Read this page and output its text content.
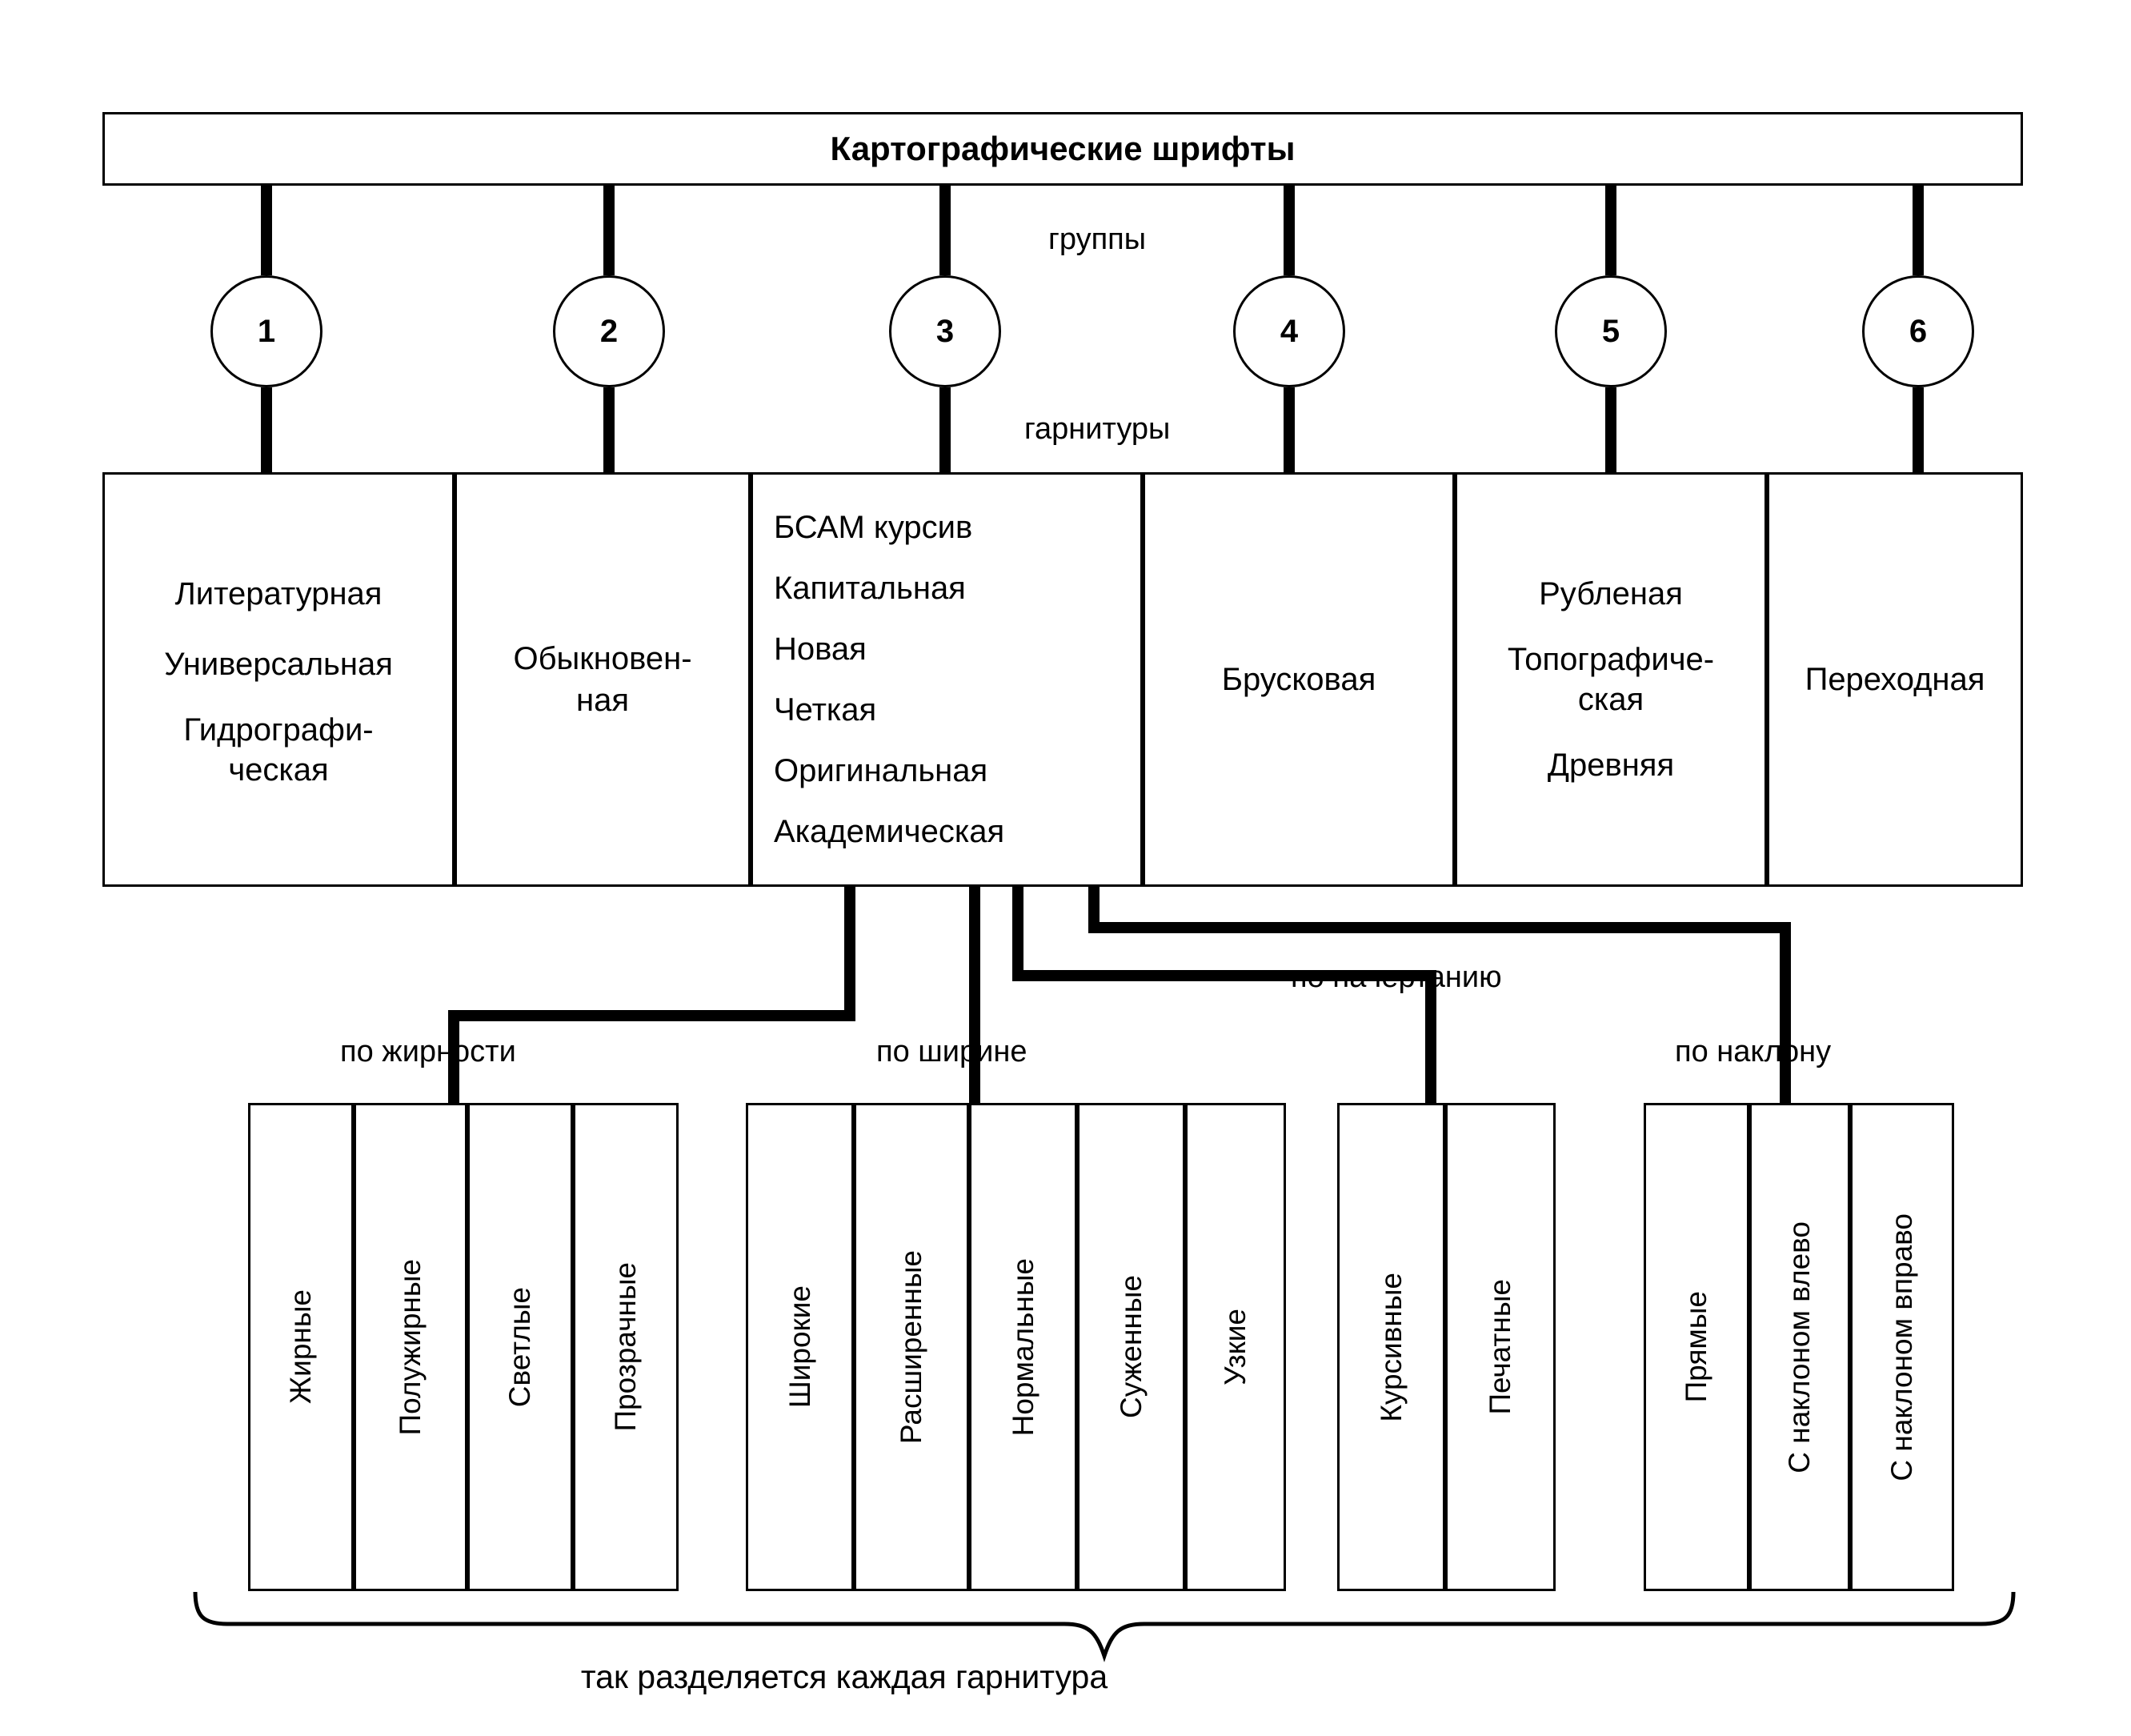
Картографические шрифты
группы
гарнитуры
1	2	3	4	5	6
Литературная
Универсальная
Гидрографи-
ческая
Обыкновен-
ная
БСАМ курсив
Капитальная
Новая
Четкая
Оригинальная
Академическая
Брусковая
Рубленая
Топографиче-
ская
Древняя
Переходная
по жирности	по ширине
по начертанию
по наклону
Жирные	Полужирные	Светлые Прозрачные	Широкие	Расширенные	Нормальные	Суженные Узкие	Курсивные	Печатные	Прямые С наклоном влево С наклоном вправо
так разделяется каждая гарнитура
